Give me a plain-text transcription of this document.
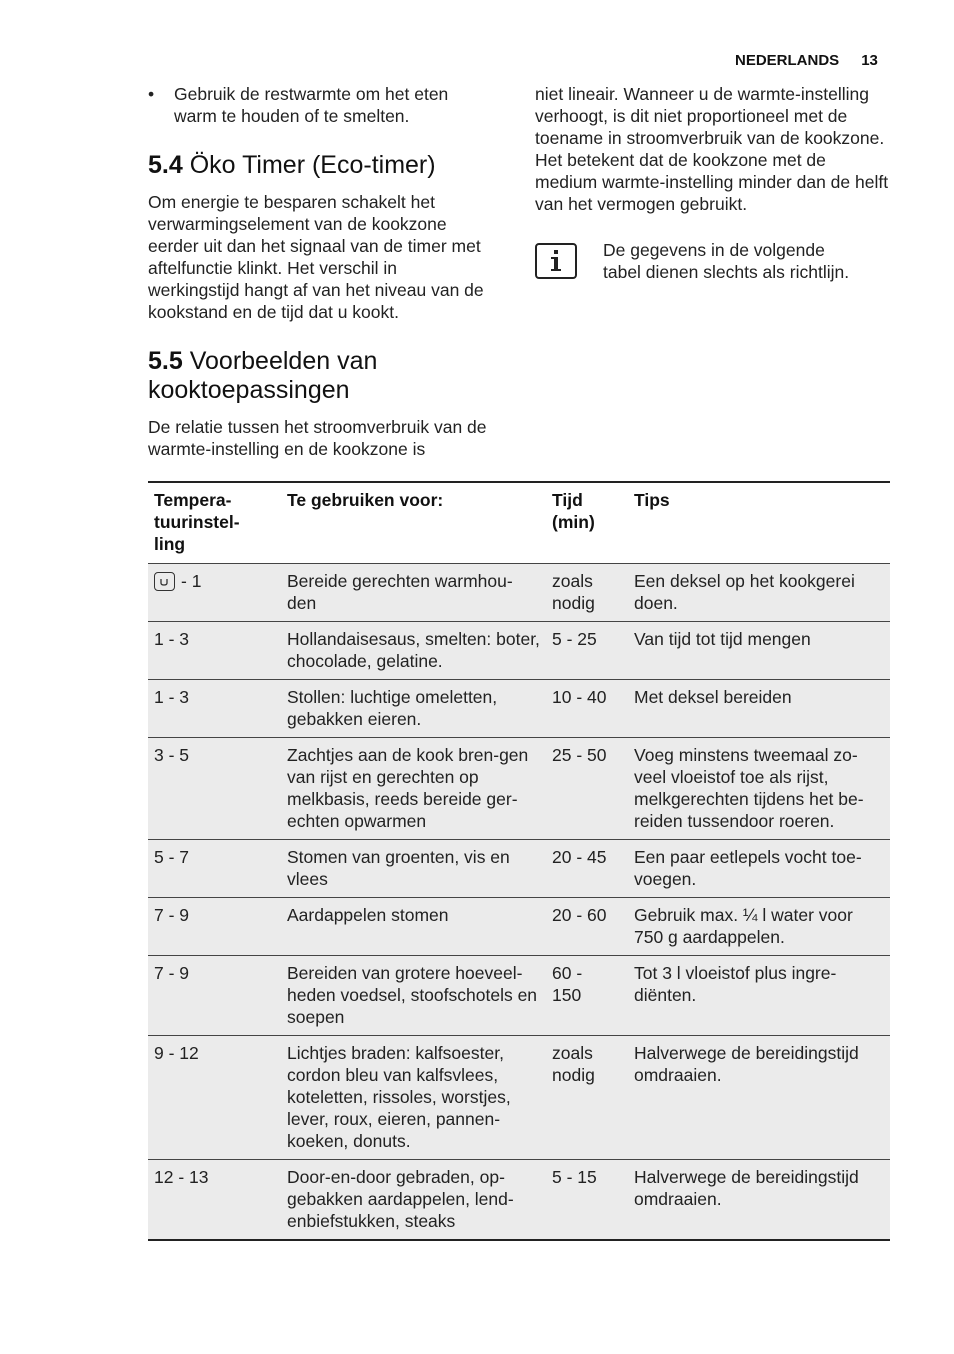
NEDERLANDS 13
• Gebruik de restwarmte om het eten warm te houden of te smelten.
5.4 Öko Timer (Eco-timer)

Om energie te besparen schakelt het verwarmingselement van de kookzone eerder uit dan het signaal van de timer met aftelfunctie klinkt. Het verschil in werkingstijd hangt af van het niveau van de kookstand en de tijd dat u kookt.

5.5 Voorbeelden van kooktoepassingen

De relatie tussen het stroomverbruik van de warmte-instelling en de kookzone is

niet lineair. Wanneer u de warmte-instelling verhoogt, is dit niet proportioneel met de toename in stroomverbruik van de kookzone. Het betekent dat de kookzone met de medium warmte-instelling minder dan de helft van het vermogen gebruikt.

De gegevens in de volgende tabel dienen slechts als richtlijn.
Tempera-tuurinstel-ling	Te gebruiken voor:	Tijd (min)	Tips

- 1	Bereide gerechten warmhou-den	zoals nodig	Een deksel op het kookgerei doen.
1 - 3	Hollandaisesaus, smelten: boter, chocolade, gelatine.	5 - 25	Van tijd tot tijd mengen
1 - 3	Stollen: luchtige omeletten, gebakken eieren.	10 - 40	Met deksel bereiden
3 - 5	Zachtjes aan de kook bren-gen van rijst en gerechten op melkbasis, reeds bereide ger-echten opwarmen	25 - 50	Voeg minstens tweemaal zo-veel vloeistof toe als rijst, melkgerechten tijdens het be-reiden tussendoor roeren.
5 - 7	Stomen van groenten, vis en vlees	20 - 45	Een paar eetlepels vocht toe-voegen.
7 - 9	Aardappelen stomen	20 - 60	Gebruik max. ¼ l water voor 750 g aardappelen.
7 - 9	Bereiden van grotere hoeveel-heden voedsel, stoofschotels en soepen	60 - 150	Tot 3 l vloeistof plus ingre-diënten.
9 - 12	Lichtjes braden: kalfsoester, cordon bleu van kalfsvlees, koteletten, rissoles, worstjes, lever, roux, eieren, pannen-koeken, donuts.	zoals nodig	Halverwege de bereidingstijd omdraaien.
12 - 13	Door-en-door gebraden, op-gebakken aardappelen, lend-enbiefstukken, steaks	5 - 15	Halverwege de bereidingstijd omdraaien.
